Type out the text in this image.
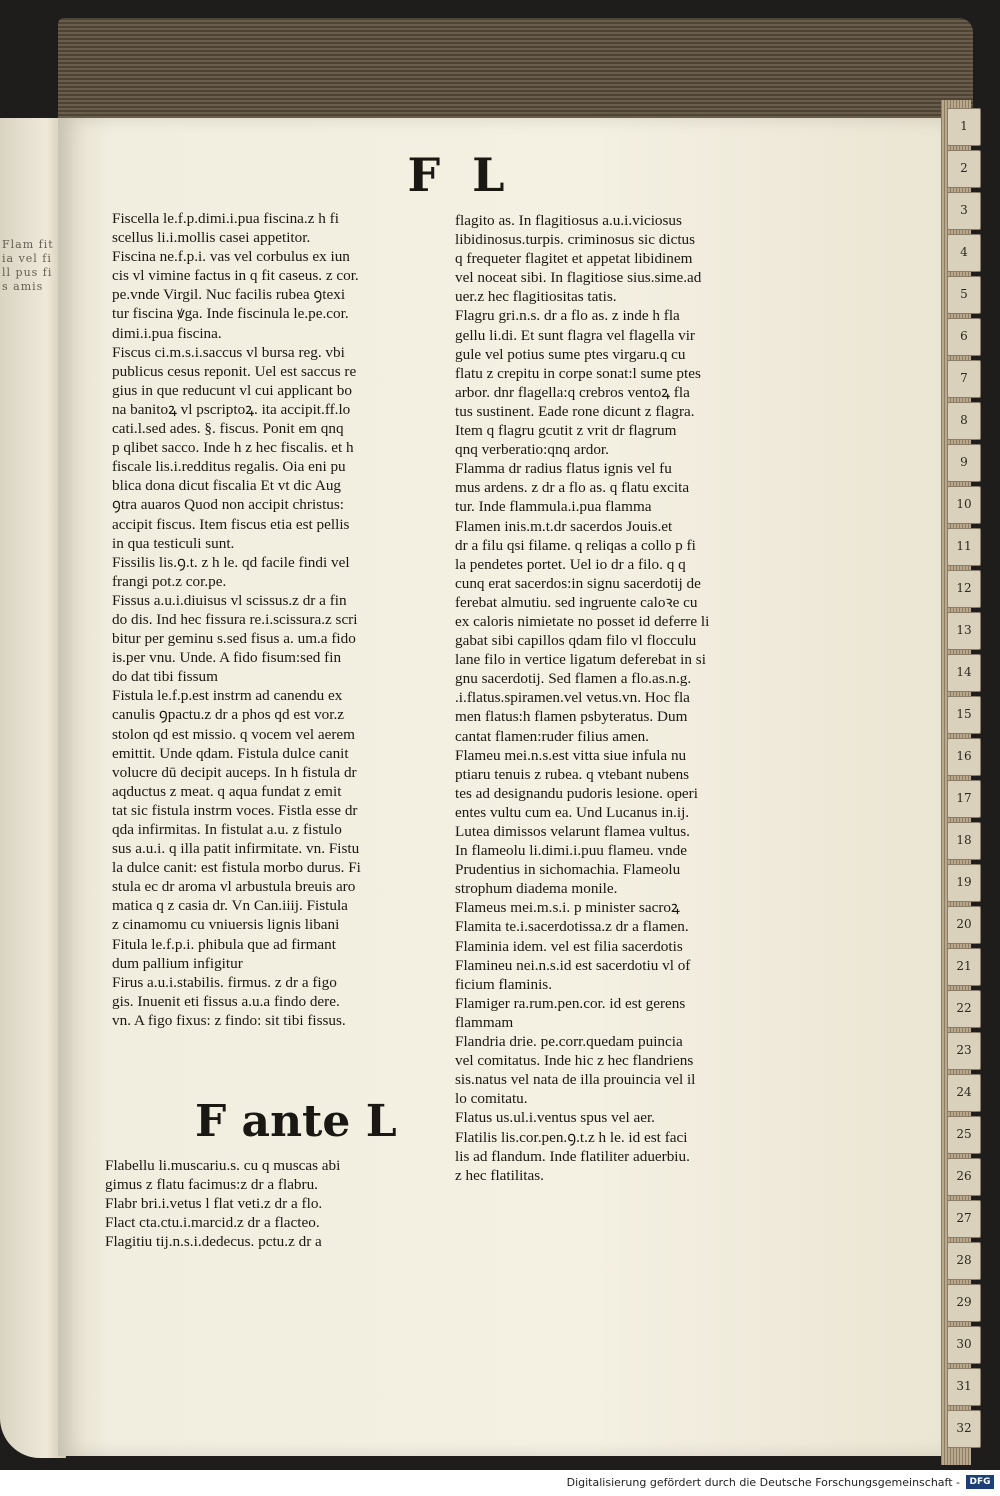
Flam fit ia vel fill pus fis amis
1
2
3
4
5
6
7
8
9
10
11
12
13
14
15
16
17
18
19
20
21
22
23
24
25
26
27
28
29
30
31
32
F L
Fiscella le.f.p.dimi.i.pua fiscina.z h fi
scellus li.i.mollis casei appetitor.
Fiscina ne.f.p.i. vas vel corbulus ex iun
cis vl vimine factus in q fit caseus. z cor.
pe.vnde Virgil. Nuc facilis rubea ꝯtexi
tur fiscina ꝟga. Inde fiscinula le.pe.cor.
dimi.i.pua fiscina.
Fiscus ci.m.s.i.saccus vl bursa reg. vbi
publicus cesus reponit. Uel est saccus re
gius in que reducunt vl cui applicant bo
na banitoꝝ vl pscriptoꝝ. ita accipit.ff.lo
cati.l.sed ades. §. fiscus. Ponit em qnq
p qlibet sacco. Inde h z hec fiscalis. et h
fiscale lis.i.redditus regalis. Oia eni pu
blica dona dicut fiscalia Et vt dic Aug
ꝯtra auaros Quod non accipit christus:
accipit fiscus. Item fiscus etia est pellis
in qua testiculi sunt.
Fissilis lis.ꝯ.t. z h le. qd facile findi vel
frangi pot.z cor.pe.
Fissus a.u.i.diuisus vl scissus.z dr a fin
do dis. Ind hec fissura re.i.scissura.z scri
bitur per geminu s.sed fisus a. um.a fido
is.per vnu. Unde. A fido fisum:sed fin
do dat tibi fissum
Fistula le.f.p.est instrm ad canendu ex
canulis ꝯpactu.z dr a phos qd est vor.z
stolon qd est missio. q vocem vel aerem
emittit. Unde qdam. Fistula dulce canit
volucre dū decipit auceps. In h fistula dr
aqductus z meat. q aqua fundat z emit
tat sic fistula instrm voces. Fistla esse dr
qda infirmitas. In fistulat a.u. z fistulo
sus a.u.i. q illa patit infirmitate. vn. Fistu
la dulce canit: est fistula morbo durus. Fi
stula ec dr aroma vl arbustula breuis aro
matica q z casia dr. Vn Can.iiij. Fistula
z cinamomu cu vniuersis lignis libani
Fitula le.f.p.i. phibula que ad firmant
dum pallium infigitur
Firus a.u.i.stabilis. firmus. z dr a figo
gis. Inuenit eti fissus a.u.a findo dere.
vn. A figo fixus: z findo: sit tibi fissus.
F ante L
Flabellu li.muscariu.s. cu q muscas abi
gimus z flatu facimus:z dr a flabru.
Flabr bri.i.vetus l flat veti.z dr a flo.
Flact cta.ctu.i.marcid.z dr a flacteo.
Flagitiu tij.n.s.i.dedecus. pctu.z dr a
flagito as. In flagitiosus a.u.i.viciosus
libidinosus.turpis. criminosus sic dictus
q frequeter flagitet et appetat libidinem
vel noceat sibi. In flagitiose sius.sime.ad
uer.z hec flagitiositas tatis.
Flagru gri.n.s. dr a flo as. z inde h fla
gellu li.di. Et sunt flagra vel flagella vir
gule vel potius sume ptes virgaru.q cu
flatu z crepitu in corpe sonat:l sume ptes
arbor. dnr flagella:q crebros ventoꝝ fla
tus sustinent. Eade rone dicunt z flagra.
Item q flagru gcutit z vrit dr flagrum
qnq verberatio:qnq ardor.
Flamma dr radius flatus ignis vel fu
mus ardens. z dr a flo as. q flatu excita
tur. Inde flammula.i.pua flamma
Flamen inis.m.t.dr sacerdos Jouis.et
dr a filu qsi filame. q reliqas a collo p fi
la pendetes portet. Uel io dr a filo. q q
cunq erat sacerdos:in signu sacerdotij de
ferebat almutiu. sed ingruente caloꝛe cu
ex caloris nimietate no posset id deferre li
gabat sibi capillos qdam filo vl flocculu
lane filo in vertice ligatum deferebat in si
gnu sacerdotij. Sed flamen a flo.as.n.g.
.i.flatus.spiramen.vel vetus.vn. Hoc fla
men flatus:h flamen psbyteratus. Dum
cantat flamen:ruder filius amen.
Flameu mei.n.s.est vitta siue infula nu
ptiaru tenuis z rubea. q vtebant nubens
tes ad designandu pudoris lesione. operi
entes vultu cum ea. Und Lucanus in.ij.
Lutea dimissos velarunt flamea vultus.
In flameolu li.dimi.i.puu flameu. vnde
Prudentius in sichomachia. Flameolu
strophum diadema monile.
Flameus mei.m.s.i. p minister sacroꝝ
Flamita te.i.sacerdotissa.z dr a flamen.
Flaminia idem. vel est filia sacerdotis
Flamineu nei.n.s.id est sacerdotiu vl of
ficium flaminis.
Flamiger ra.rum.pen.cor. id est gerens
flammam
Flandria drie. pe.corr.quedam puincia
vel comitatus. Inde hic z hec flandriens
sis.natus vel nata de illa prouincia vel il
lo comitatu.
Flatus us.ul.i.ventus spus vel aer.
Flatilis lis.cor.pen.ꝯ.t.z h le. id est faci
lis ad flandum. Inde flatiliter aduerbiu.
z hec flatilitas.
Digitalisierung gefördert durch die Deutsche Forschungsgemeinschaft -	DFG
